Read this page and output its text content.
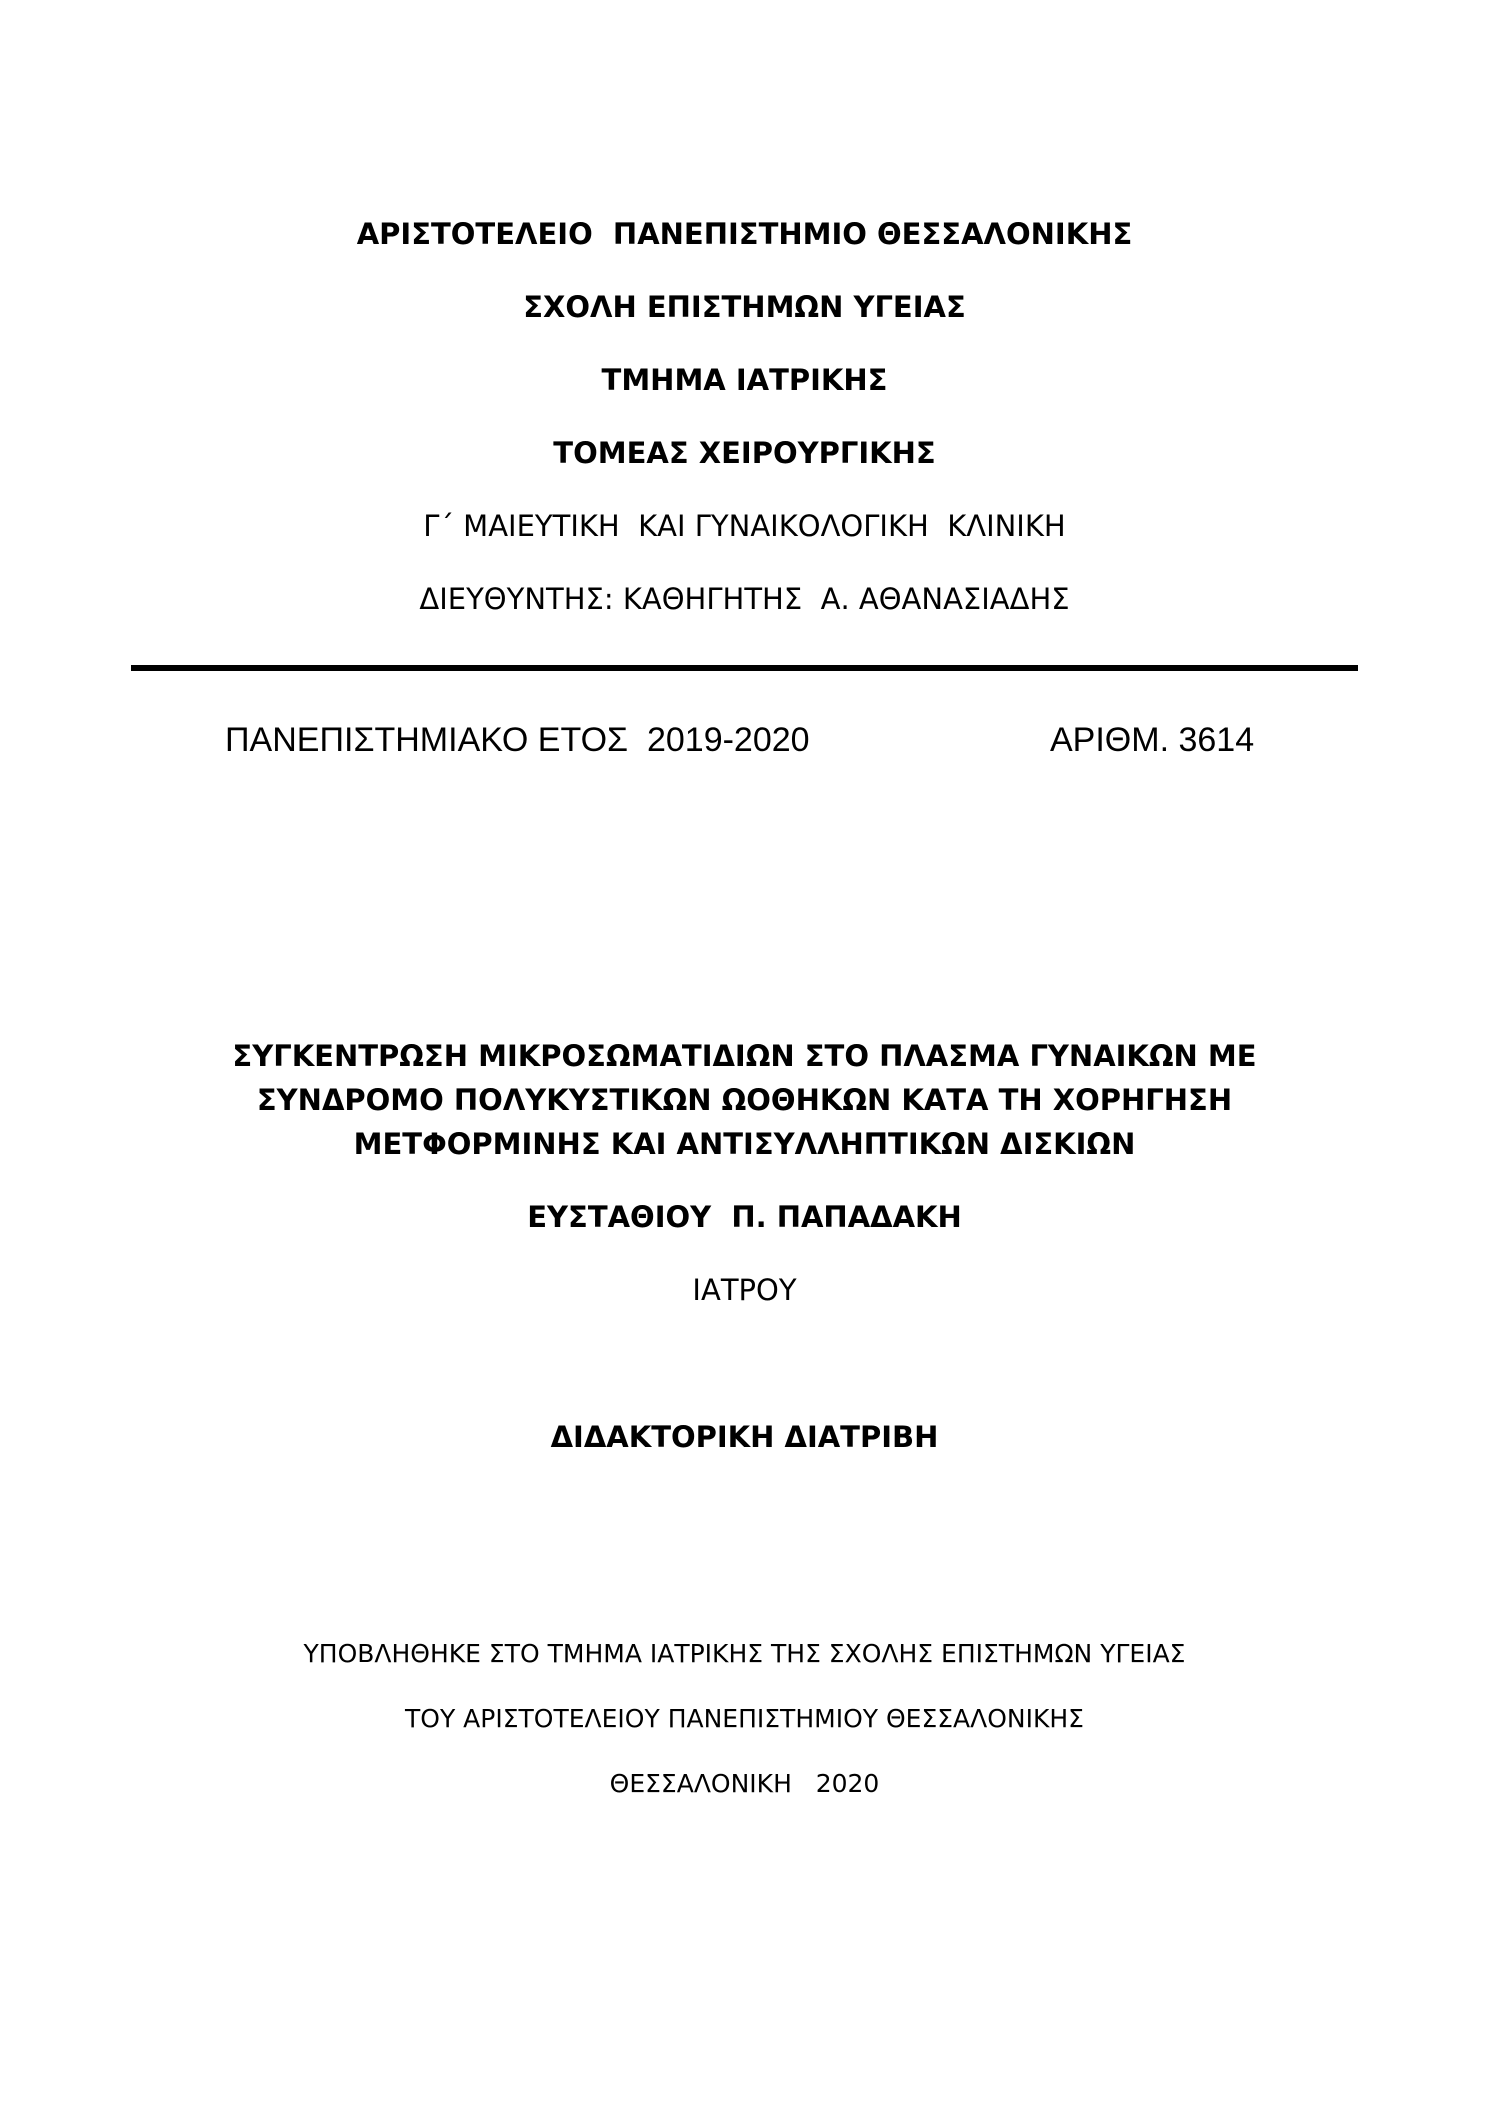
ΑΡΙΣΤΟΤΕΛΕΙΟ  ΠΑΝΕΠΙΣΤΗΜΙΟ ΘΕΣΣΑΛΟΝΙΚΗΣ
ΣΧΟΛΗ ΕΠΙΣΤΗΜΩΝ ΥΓΕΙΑΣ
ΤΜΗΜΑ ΙΑΤΡΙΚΗΣ
ΤΟΜΕΑΣ ΧΕΙΡΟΥΡΓΙΚΗΣ
Γ΄ ΜΑΙΕΥΤΙΚΗ  ΚΑΙ ΓΥΝΑΙΚΟΛΟΓΙΚΗ  ΚΛΙΝΙΚΗ
ΔΙΕΥΘΥΝΤΗΣ: ΚΑΘΗΓΗΤΗΣ  Α. ΑΘΑΝΑΣΙΑΔΗΣ
ΠΑΝΕΠΙΣΤΗΜΙΑΚΟ ΕΤΟΣ  2019-2020	ΑΡΙΘΜ. 3614
ΣΥΓΚΕΝΤΡΩΣΗ ΜΙΚΡΟΣΩΜΑΤΙΔΙΩΝ ΣΤΟ ΠΛΑΣΜΑ ΓΥΝΑΙΚΩΝ ΜΕ
ΣΥΝΔΡΟΜΟ ΠΟΛΥΚΥΣΤΙΚΩΝ ΩΟΘΗΚΩΝ ΚΑΤΑ ΤΗ ΧΟΡΗΓΗΣΗ
ΜΕΤΦΟΡΜΙΝΗΣ ΚΑΙ ΑΝΤΙΣΥΛΛΗΠΤΙΚΩΝ ΔΙΣΚΙΩΝ
ΕΥΣΤΑΘΙΟΥ  Π. ΠΑΠΑΔΑΚΗ
ΙΑΤΡΟΥ
ΔΙΔΑΚΤΟΡΙΚΗ ΔΙΑΤΡΙΒΗ
ΥΠΟΒΛΗΘΗΚΕ ΣΤΟ ΤΜΗΜΑ ΙΑΤΡΙΚΗΣ ΤΗΣ ΣΧΟΛΗΣ ΕΠΙΣΤΗΜΩΝ ΥΓΕΙΑΣ
ΤΟΥ ΑΡΙΣΤΟΤΕΛΕΙΟΥ ΠΑΝΕΠΙΣΤΗΜΙΟΥ ΘΕΣΣΑΛΟΝΙΚΗΣ
ΘΕΣΣΑΛΟΝΙΚΗ   2020
